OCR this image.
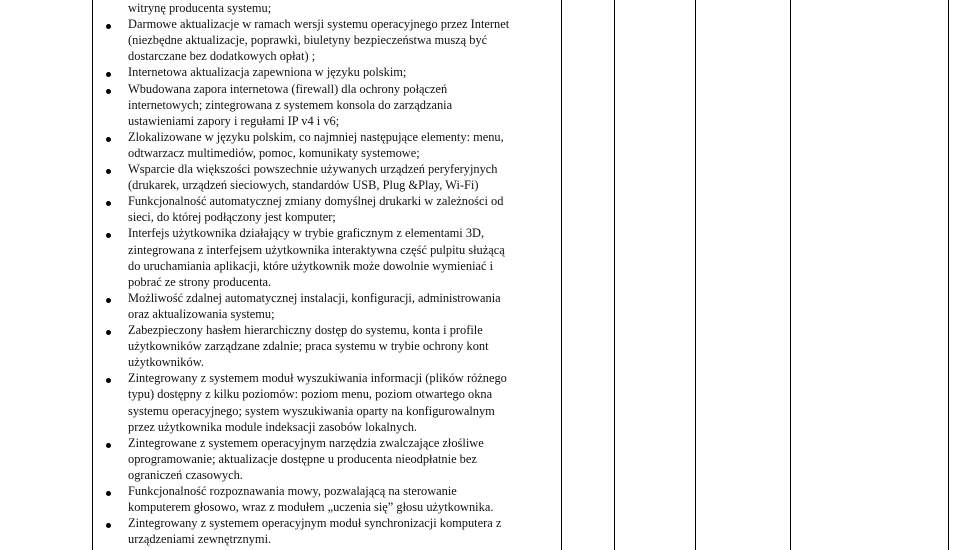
witrynę producenta systemu;
Darmowe aktualizacje w ramach wersji systemu operacyjnego przez Internet
(niezbędne aktualizacje, poprawki, biuletyny bezpieczeństwa muszą być
dostarczane bez dodatkowych opłat) ;
Internetowa aktualizacja zapewniona w języku polskim;
Wbudowana zapora internetowa (firewall) dla ochrony połączeń
internetowych; zintegrowana z systemem konsola do zarządzania
ustawieniami zapory i regułami IP v4 i v6;
Zlokalizowane w języku polskim, co najmniej następujące elementy: menu,
odtwarzacz multimediów, pomoc, komunikaty systemowe;
Wsparcie dla większości powszechnie używanych urządzeń peryferyjnych
(drukarek, urządzeń sieciowych, standardów USB, Plug &Play, Wi-Fi)
Funkcjonalność automatycznej zmiany domyślnej drukarki w zależności od
sieci, do której podłączony jest komputer;
Interfejs użytkownika działający w trybie graficznym z elementami 3D,
zintegrowana z interfejsem użytkownika interaktywna część pulpitu służącą
do uruchamiania aplikacji, które użytkownik może dowolnie wymieniać i
pobrać ze strony producenta.
Możliwość zdalnej automatycznej instalacji, konfiguracji, administrowania
oraz aktualizowania systemu;
Zabezpieczony hasłem hierarchiczny dostęp do systemu, konta i profile
użytkowników zarządzane zdalnie; praca systemu w trybie ochrony kont
użytkowników.
Zintegrowany z systemem moduł wyszukiwania informacji (plików różnego
typu) dostępny z kilku poziomów: poziom menu, poziom otwartego okna
systemu operacyjnego; system wyszukiwania oparty na konfigurowalnym
przez użytkownika module indeksacji zasobów lokalnych.
Zintegrowane z systemem operacyjnym narzędzia zwalczające złośliwe
oprogramowanie; aktualizacje dostępne u producenta nieodpłatnie bez
ograniczeń czasowych.
Funkcjonalność rozpoznawania mowy, pozwalającą na sterowanie
komputerem głosowo, wraz z modułem „uczenia się” głosu użytkownika.
Zintegrowany z systemem operacyjnym moduł synchronizacji komputera z
urządzeniami zewnętrznymi.
